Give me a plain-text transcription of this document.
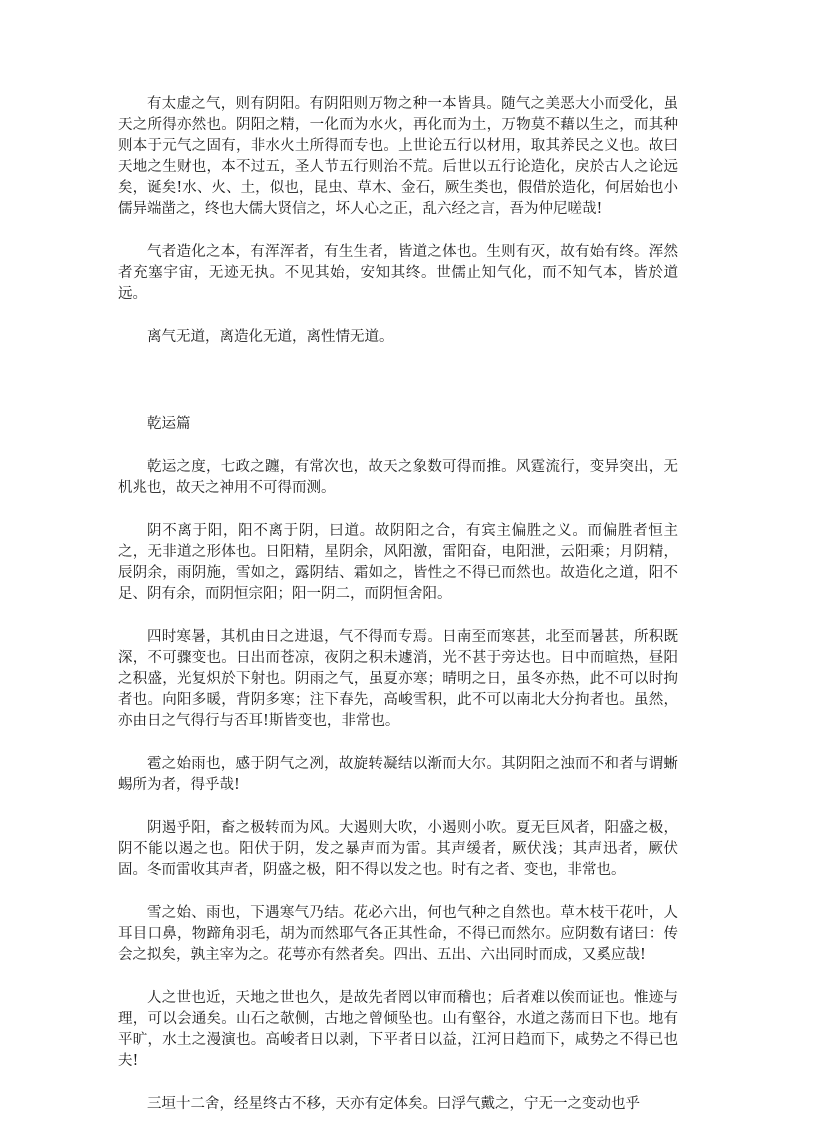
有太虚之气，则有阴阳。有阴阳则万物之种一本皆具。随气之美恶大小而受化，虽天之所得亦然也。阴阳之精，一化而为水火，再化而为土，万物莫不藉以生之，而其种则本于元气之固有，非水火土所得而专也。上世论五行以材用，取其养民之义也。故曰天地之生财也，本不过五，圣人节五行则治不荒。后世以五行论造化，戾於古人之论远矣，诞矣!水、火、土，似也，昆虫、草木、金石，厥生类也，假借於造化，何居始也小儒异端凿之，终也大儒大贤信之，坏人心之正，乱六经之言，吾为仲尼嗟哉!

气者造化之本，有浑浑者，有生生者，皆道之体也。生则有灭，故有始有终。浑然者充塞宇宙，无迹无执。不见其始，安知其终。世儒止知气化，而不知气本，皆於道远。

离气无道，离造化无道，离性情无道。

乾运篇

乾运之度，七政之躔，有常次也，故天之象数可得而推。风霆流行，变异突出，无机兆也，故天之神用不可得而测。

阴不离于阳，阳不离于阴，曰道。故阴阳之合，有宾主偏胜之义。而偏胜者恒主之，无非道之形体也。日阳精，星阴余，风阳激，雷阳奋，电阳泄，云阳乘；月阴精，辰阴余，雨阴施，雪如之，露阴结、霜如之，皆性之不得已而然也。故造化之道，阳不足、阴有余，而阴恒宗阳；阳一阴二，而阴恒舍阳。

四时寒暑，其机由日之进退，气不得而专焉。日南至而寒甚，北至而暑甚，所积既深，不可骤变也。日出而苍凉，夜阴之积未遽消，光不甚于旁达也。日中而暄热，昼阳之积盛，光复炽於下射也。阴雨之气，虽夏亦寒；晴明之日，虽冬亦热，此不可以时拘者也。向阳多暖，背阴多寒；注下春先，高峻雪积，此不可以南北大分拘者也。虽然，亦由日之气得行与否耳!斯皆变也，非常也。

雹之始雨也，感于阴气之冽，故旋转凝结以渐而大尔。其阴阳之浊而不和者与谓蜥蜴所为者，得乎哉!

阴遏乎阳，畜之极转而为风。大遏则大吹，小遏则小吹。夏无巨风者，阳盛之极，阴不能以遏之也。阳伏于阴，发之暴声而为雷。其声缓者，厥伏浅；其声迅者，厥伏固。冬而雷收其声者，阴盛之极，阳不得以发之也。时有之者、变也，非常也。

雪之始、雨也，下遇寒气乃结。花必六出，何也气种之自然也。草木枝干花叶，人耳目口鼻，物蹄角羽毛，胡为而然耶气各正其性命，不得已而然尔。应阴数有诸曰：传会之拟矣，孰主宰为之。花萼亦有然者矣。四出、五出、六出同时而成，又奚应哉!

人之世也近，天地之世也久，是故先者罔以审而稽也；后者难以俟而证也。惟迹与理，可以会通矣。山石之欹侧，古地之曾倾坠也。山有壑谷，水道之荡而日下也。地有平旷，水土之漫演也。高峻者日以剥，下平者日以益，江河日趋而下，咸势之不得已也夫!

三垣十二舍，经星终古不移，天亦有定体矣。曰浮气戴之，宁无一之变动也乎
